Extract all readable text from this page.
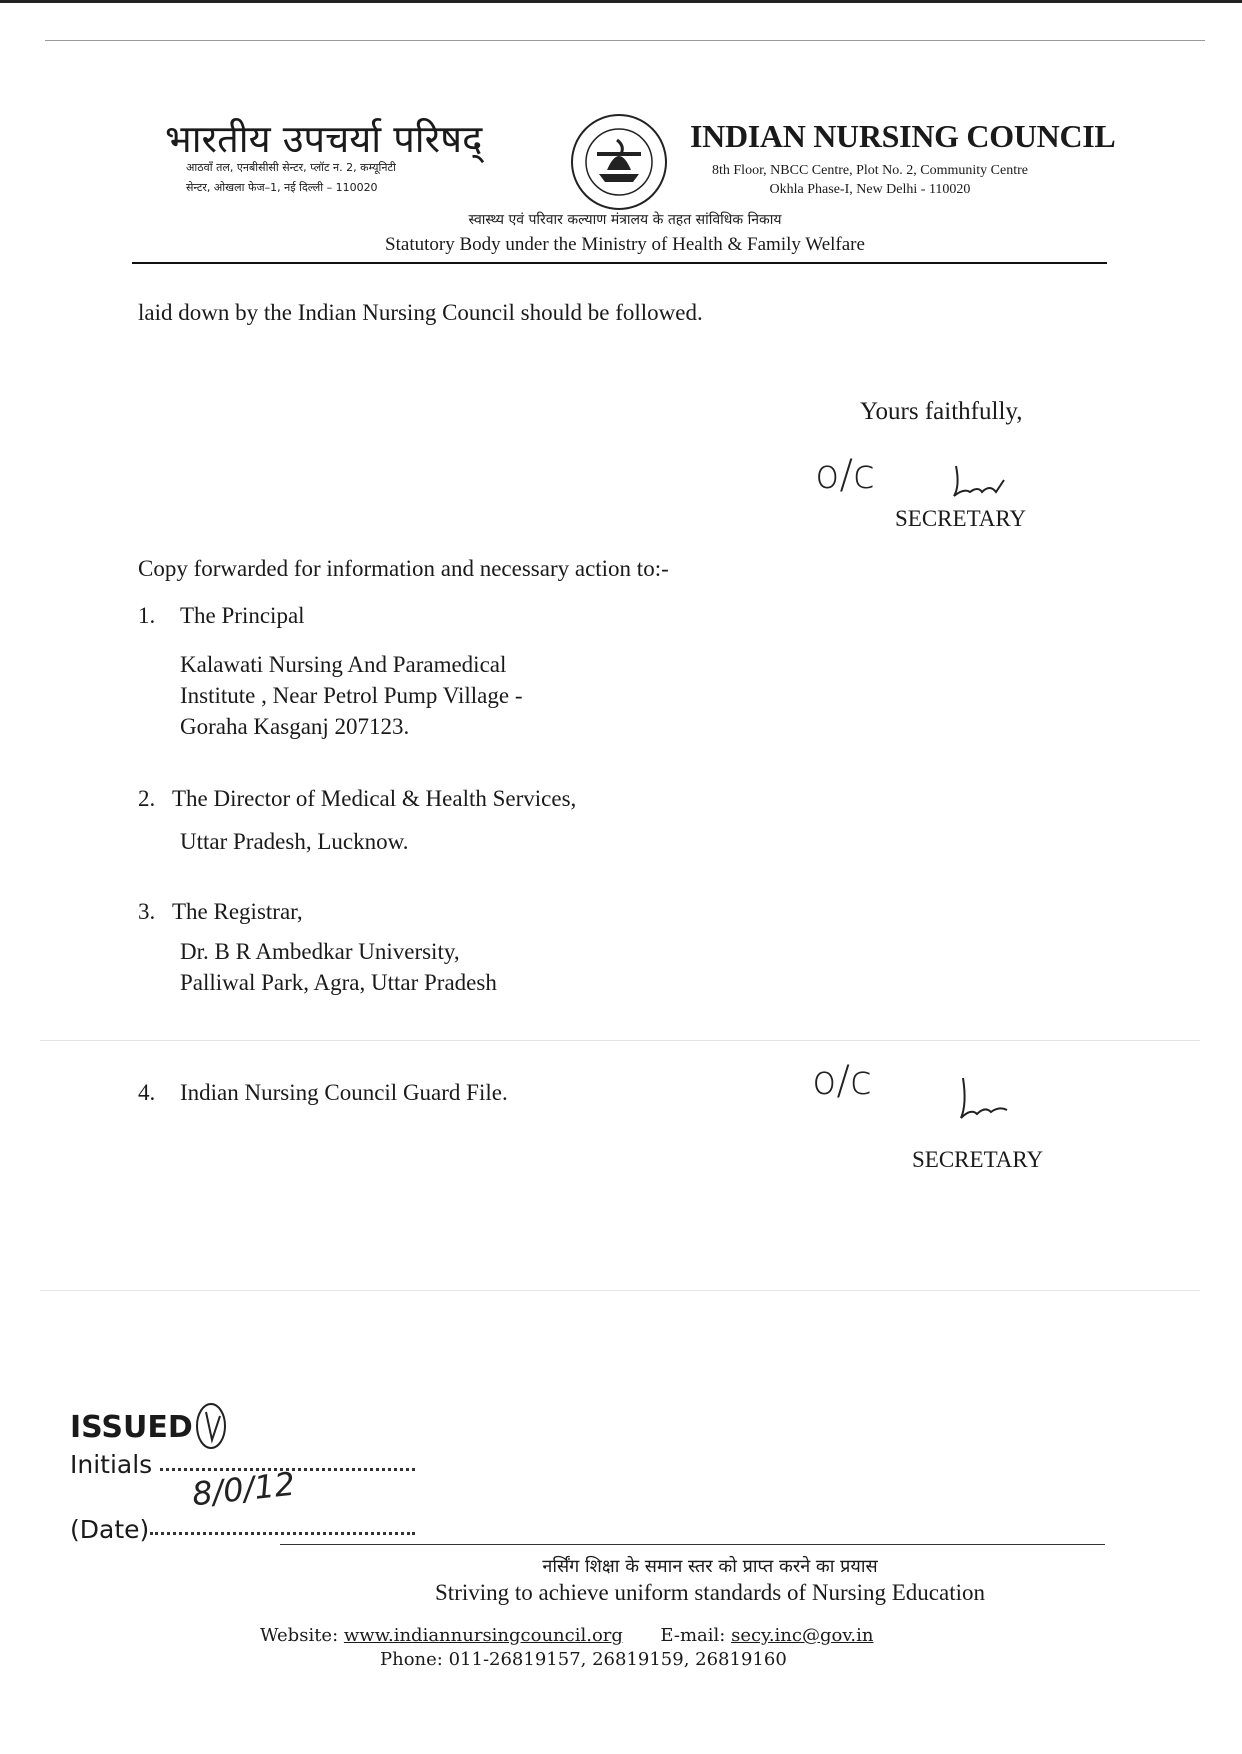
भारतीय उपचर्या परिषद्
आठवाँ तल, एनबीसीसी सेन्टर, प्लॉट न. 2, कम्यूनिटी
सेन्टर, ओखला फेज–1, नई दिल्ली – 110020
INDIAN NURSING COUNCIL
8th Floor, NBCC Centre, Plot No. 2, Community Centre
Okhla Phase-I, New Delhi - 110020
स्वास्थ्य एवं परिवार कल्याण मंत्रालय के तहत सांविधिक निकाय
Statutory Body under the Ministry of Health & Family Welfare
laid down by the Indian Nursing Council should be followed.
Yours faithfully,
o/c
SECRETARY
Copy forwarded for information and necessary action to:-
1. The Principal
Kalawati Nursing And Paramedical
Institute , Near Petrol Pump Village -
Goraha Kasganj 207123.
2. The Director of Medical & Health Services,
Uttar Pradesh, Lucknow.
3. The Registrar,
Dr. B R Ambedkar University,
Palliwal Park, Agra, Uttar Pradesh
4. Indian Nursing Council Guard File.	o/c
SECRETARY
ISSUED
Initials
8/0/12
(Date)
नर्सिंग शिक्षा के समान स्तर को प्राप्त करने का प्रयास
Striving to achieve uniform standards of Nursing Education
Website: www.indiannursingcouncil.org E-mail: secy.inc@gov.in
Phone: 011-26819157, 26819159, 26819160
